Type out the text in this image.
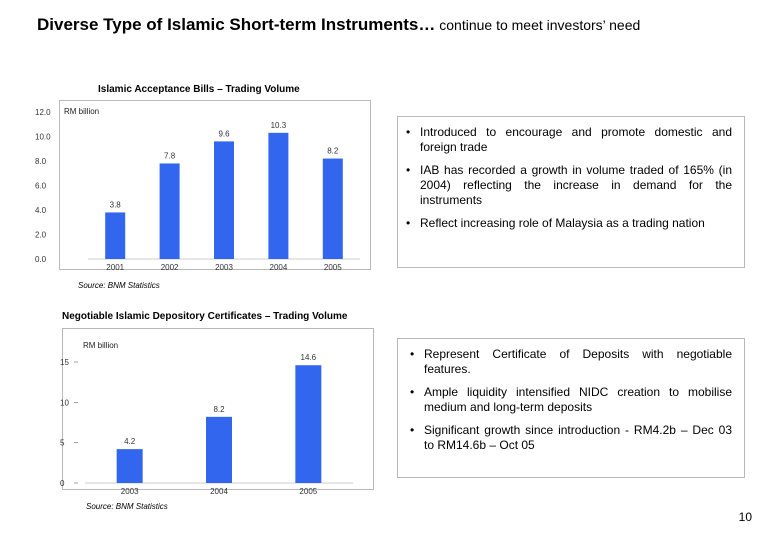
Diverse Type of Islamic Short-term Instruments… continue to meet investors’ need
Islamic Acceptance Bills – Trading Volume
RM billion
0.0
2.0
4.0
6.0
8.0
10.0
12.0
3.8
2001
7.8
2002
9.6
2003
10.3
2004
8.2
2005
Source: BNM Statistics
• Introduced to encourage and promote domestic and foreign trade
• IAB has recorded a growth in volume traded of 165% (in 2004) reflecting the increase in demand for the instruments
• Reflect increasing role of Malaysia as a trading nation
Negotiable Islamic Depository Certificates – Trading Volume
RM billion
0
5
10
15
4.2
2003
8.2
2004
14.6
2005
Source: BNM Statistics
• Represent Certificate of Deposits with negotiable features.
• Ample liquidity intensified NIDC creation to mobilise medium and long-term deposits
• Significant growth since introduction - RM4.2b – Dec 03 to RM14.6b – Oct 05
10
